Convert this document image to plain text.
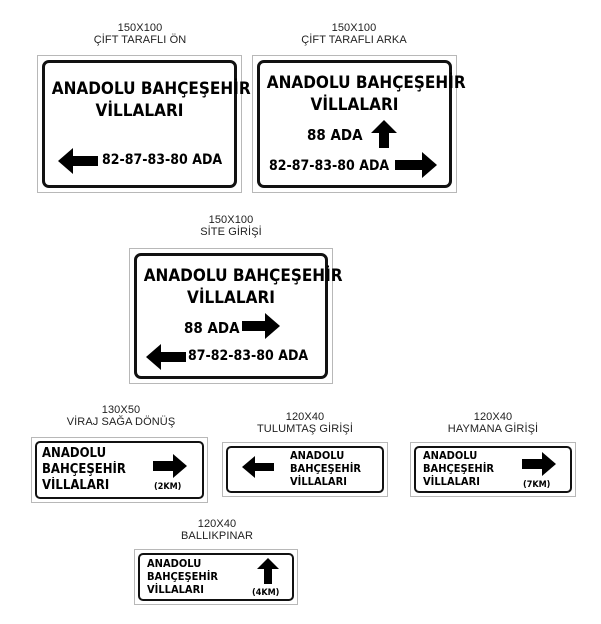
150X100
ÇİFT TARAFLI ÖN
ANADOLU BAHÇEŞEHİR
VİLLALARI
82-87-83-80 ADA
150X100
ÇİFT TARAFLI ARKA
ANADOLU BAHÇEŞEHİR
VİLLALARI
88 ADA
82-87-83-80 ADA
150X100
SİTE GİRİŞİ
ANADOLU BAHÇEŞEHİR
VİLLALARI
88 ADA
87-82-83-80 ADA
130X50
VİRAJ SAĞA DÖNÜŞ
ANADOLU
BAHÇEŞEHİR
VİLLALARI	(2KM)
120X40
TULUMTAŞ GİRİŞİ
ANADOLU
BAHÇEŞEHİR
VİLLALARI
120X40
HAYMANA GİRİŞİ
ANADOLU
BAHÇEŞEHİR
VİLLALARI	(7KM)
120X40
BALLIKPINAR
ANADOLU
BAHÇEŞEHİR
VİLLALARI	(4KM)
